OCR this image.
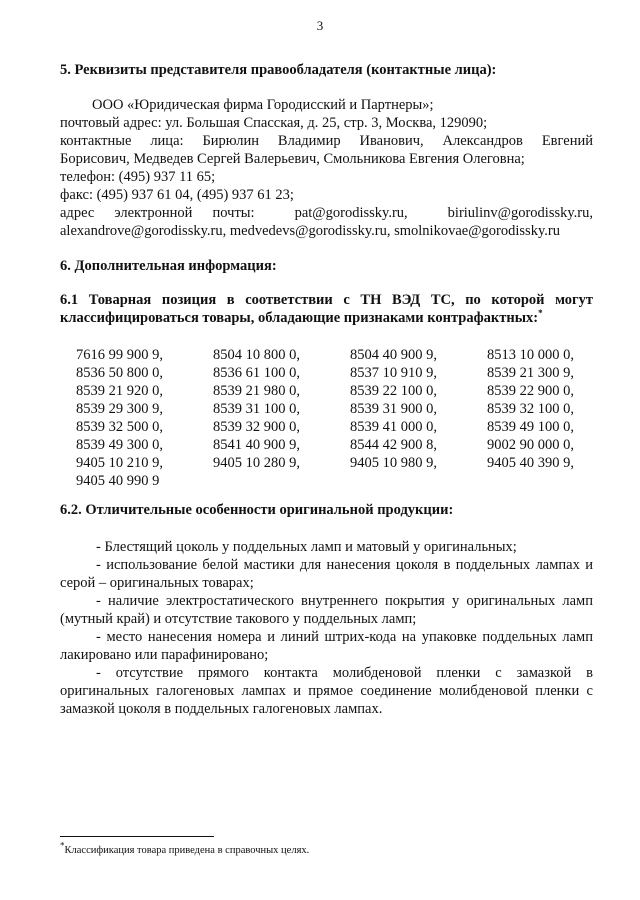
3
5. Реквизиты представителя правообладателя (контактные лица):
ООО «Юридическая фирма Городисский и Партнеры»;
почтовый адрес: ул. Большая Спасская, д. 25, стр. 3, Москва, 129090;
контактные лица: Бирюлин Владимир Иванович, Александров Евгений
Борисович, Медведев Сергей Валерьевич, Смольникова Евгения Олеговна;
телефон: (495) 937 11 65;
факс: (495) 937 61 04, (495) 937 61 23;
адрес электронной почты:	pat@gorodissky.ru,	biriulinv@gorodissky.ru,
alexandrove@gorodissky.ru, medvedevs@gorodissky.ru, smolnikovae@gorodissky.ru
6. Дополнительная информация:
6.1 Товарная позиция в соответствии с ТН ВЭД ТС, по которой могут
классифицироваться товары, обладающие признаками контрафактных:*
7616 99 900 9,	8504 10 800 0,	8504 40 900 9,	8513 10 000 0,
8536 50 800 0,	8536 61 100 0,	8537 10 910 9,	8539 21 300 9,
8539 21 920 0,	8539 21 980 0,	8539 22 100 0,	8539 22 900 0,
8539 29 300 9,	8539 31 100 0,	8539 31 900 0,	8539 32 100 0,
8539 32 500 0,	8539 32 900 0,	8539 41 000 0,	8539 49 100 0,
8539 49 300 0,	8541 40 900 9,	8544 42 900 8,	9002 90 000 0,
9405 10 210 9,	9405 10 280 9,	9405 10 980 9,	9405 40 390 9,
9405 40 990 9
6.2. Отличительные особенности оригинальной продукции:
- Блестящий цоколь у поддельных ламп и матовый у оригинальных;
- использование белой мастики для нанесения цоколя в поддельных лампах и серой – оригинальных товарах;
- наличие электростатического внутреннего покрытия у оригинальных ламп (мутный край) и отсутствие такового у поддельных ламп;
- место нанесения номера и линий штрих-кода на упаковке поддельных ламп лакировано или парафинировано;
- отсутствие прямого контакта молибденовой пленки с замазкой в оригинальных галогеновых лампах и прямое соединение молибденовой пленки с замазкой цоколя в поддельных галогеновых лампах.
*Классификация товара приведена в справочных целях.
